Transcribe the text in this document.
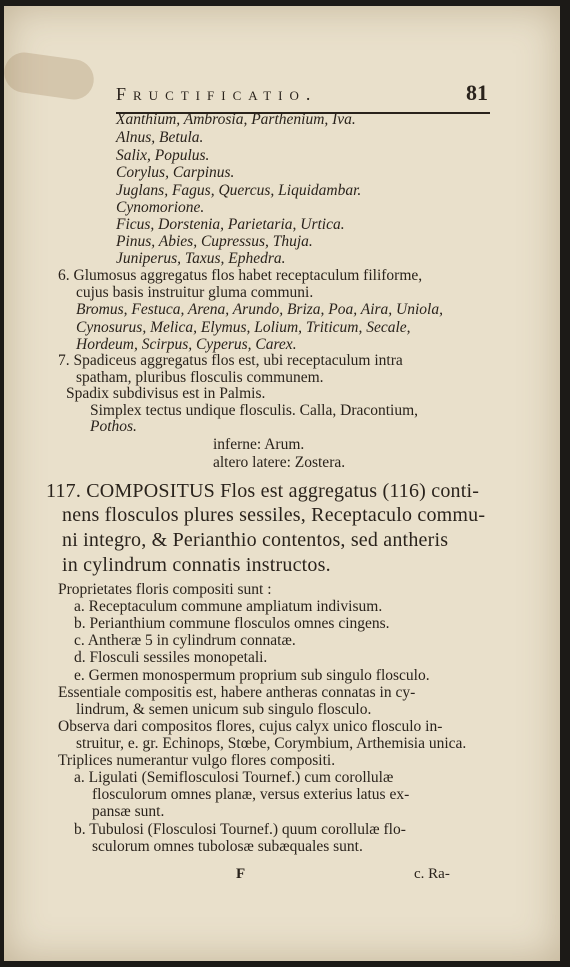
Fructificatio.	81
Xanthium, Ambrosia, Parthenium, Iva.
Alnus, Betula.
Salix, Populus.
Corylus, Carpinus.
Juglans, Fagus, Quercus, Liquidambar.
Cynomorione.
Ficus, Dorstenia, Parietaria, Urtica.
Pinus, Abies, Cupressus, Thuja.
Juniperus, Taxus, Ephedra.
6. Glumosus aggregatus flos habet receptaculum filiforme,
cujus basis instruitur gluma communi.
Bromus, Festuca, Arena, Arundo, Briza, Poa, Aira, Uniola,
Cynosurus, Melica, Elymus, Lolium, Triticum, Secale,
Hordeum, Scirpus, Cyperus, Carex.
7. Spadiceus aggregatus flos est, ubi receptaculum intra
spatham, pluribus flosculis communem.
Spadix subdivisus est in Palmis.
Simplex tectus undique flosculis. Calla, Dracontium,
Pothos.
inferne: Arum.
altero latere: Zostera.
117. COMPOSITUS Flos est aggregatus (116) conti-
nens flosculos plures sessiles, Receptaculo commu-
ni integro, & Perianthio contentos, sed antheris
in cylindrum connatis instructos.
Proprietates floris compositi sunt :
a. Receptaculum commune ampliatum indivisum.
b. Perianthium commune flosculos omnes cingens.
c. Antheræ 5 in cylindrum connatæ.
d. Flosculi sessiles monopetali.
e. Germen monospermum proprium sub singulo flosculo.
Essentiale compositis est, habere antheras connatas in cy-
lindrum, & semen unicum sub singulo flosculo.
Observa dari compositos flores, cujus calyx unico flosculo in-
struitur, e. gr. Echinops, Stœbe, Corymbium, Arthemisia unica.
Triplices numerantur vulgo flores compositi.
a. Ligulati (Semiflosculosi Tournef.) cum corollulæ
flosculorum omnes planæ, versus exterius latus ex-
pansæ sunt.
b. Tubulosi (Flosculosi Tournef.) quum corollulæ flo-
sculorum omnes tubolosæ subæquales sunt.
F	c. Ra-
